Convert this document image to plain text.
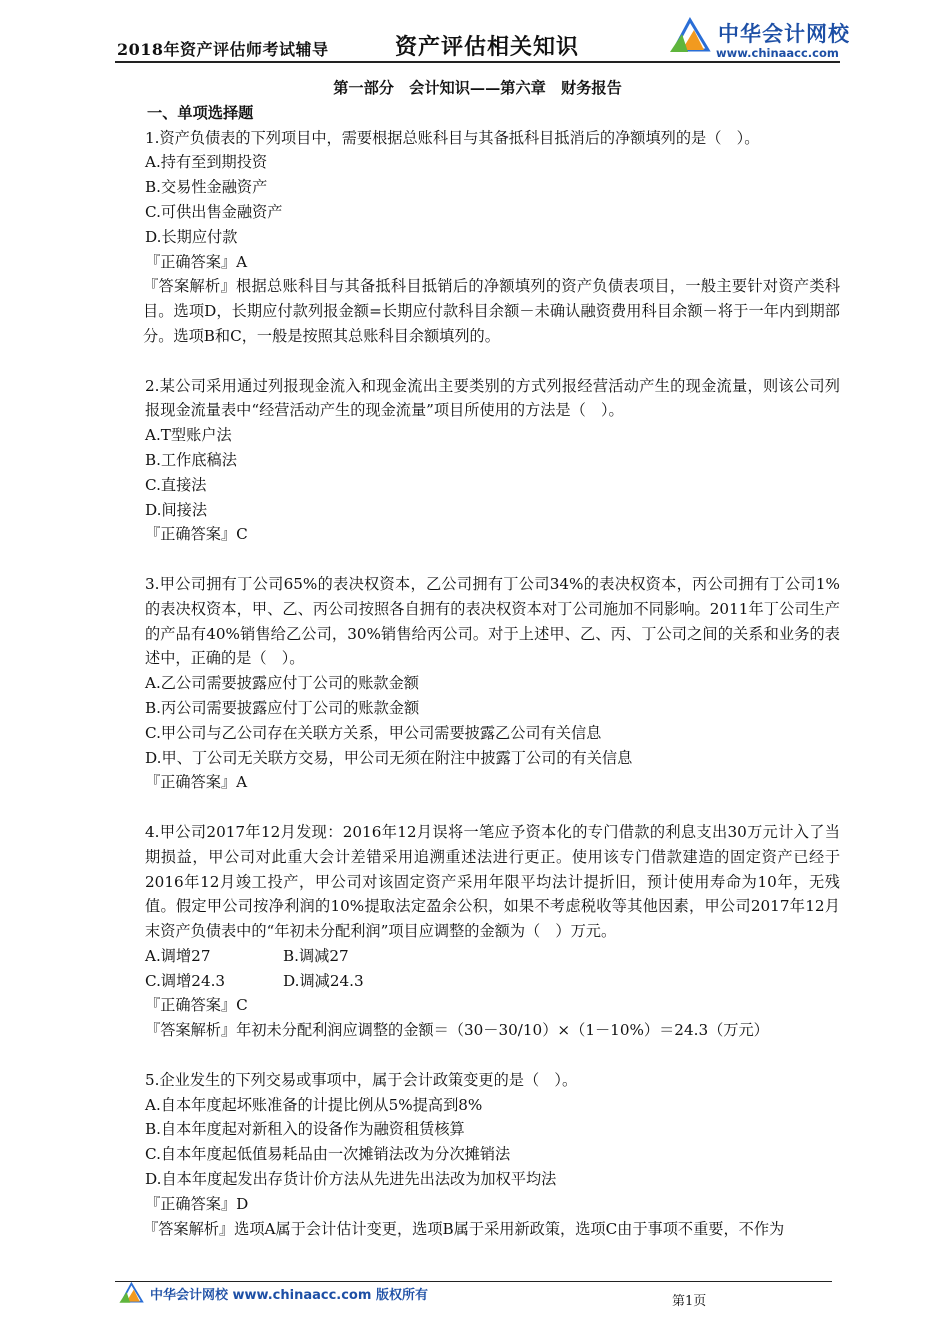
2018年资产评估师考试辅导	资产评估相关知识	中华会计网校
www.chinaacc.com
第一部分　会计知识——第六章　财务报告
一、单项选择题

1.资产负债表的下列项目中，需要根据总账科目与其备抵科目抵消后的净额填列的是（　）。

A.持有至到期投资

B.交易性金融资产

C.可供出售金融资产

D.长期应付款

『正确答案』A

『答案解析』根据总账科目与其备抵科目抵销后的净额填列的资产负债表项目，一般主要针对资产类科目。选项D，长期应付款列报金额=长期应付款科目余额－未确认融资费用科目余额－将于一年内到期部分。选项B和C，一般是按照其总账科目余额填列的。

2.某公司采用通过列报现金流入和现金流出主要类别的方式列报经营活动产生的现金流量，则该公司列报现金流量表中“经营活动产生的现金流量”项目所使用的方法是（　）。

A.T型账户法

B.工作底稿法

C.直接法

D.间接法

『正确答案』C

3.甲公司拥有丁公司65%的表决权资本，乙公司拥有丁公司34%的表决权资本，丙公司拥有丁公司1%的表决权资本，甲、乙、丙公司按照各自拥有的表决权资本对丁公司施加不同影响。2011年丁公司生产的产品有40%销售给乙公司，30%销售给丙公司。对于上述甲、乙、丙、丁公司之间的关系和业务的表述中，正确的是（　）。

A.乙公司需要披露应付丁公司的账款金额

B.丙公司需要披露应付丁公司的账款金额

C.甲公司与乙公司存在关联方关系，甲公司需要披露乙公司有关信息

D.甲、丁公司无关联方交易，甲公司无须在附注中披露丁公司的有关信息

『正确答案』A

4.甲公司2017年12月发现：2016年12月误将一笔应予资本化的专门借款的利息支出30万元计入了当期损益，甲公司对此重大会计差错采用追溯重述法进行更正。使用该专门借款建造的固定资产已经于2016年12月竣工投产，甲公司对该固定资产采用年限平均法计提折旧，预计使用寿命为10年，无残值。假定甲公司按净利润的10%提取法定盈余公积，如果不考虑税收等其他因素，甲公司2017年12月末资产负债表中的“年初未分配利润”项目应调整的金额为（　）万元。

A.调增27	B.调减27

C.调增24.3	D.调减24.3

『正确答案』C

『答案解析』年初未分配利润应调整的金额＝（30－30/10）×（1－10%）＝24.3（万元）

5.企业发生的下列交易或事项中，属于会计政策变更的是（　）。

A.自本年度起坏账准备的计提比例从5%提高到8%

B.自本年度起对新租入的设备作为融资租赁核算

C.自本年度起低值易耗品由一次摊销法改为分次摊销法

D.自本年度起发出存货计价方法从先进先出法改为加权平均法

『正确答案』D

『答案解析』选项A属于会计估计变更，选项B属于采用新政策，选项C由于事项不重要，不作为

中华会计网校 www.chinaacc.com 版权所有	第1页
